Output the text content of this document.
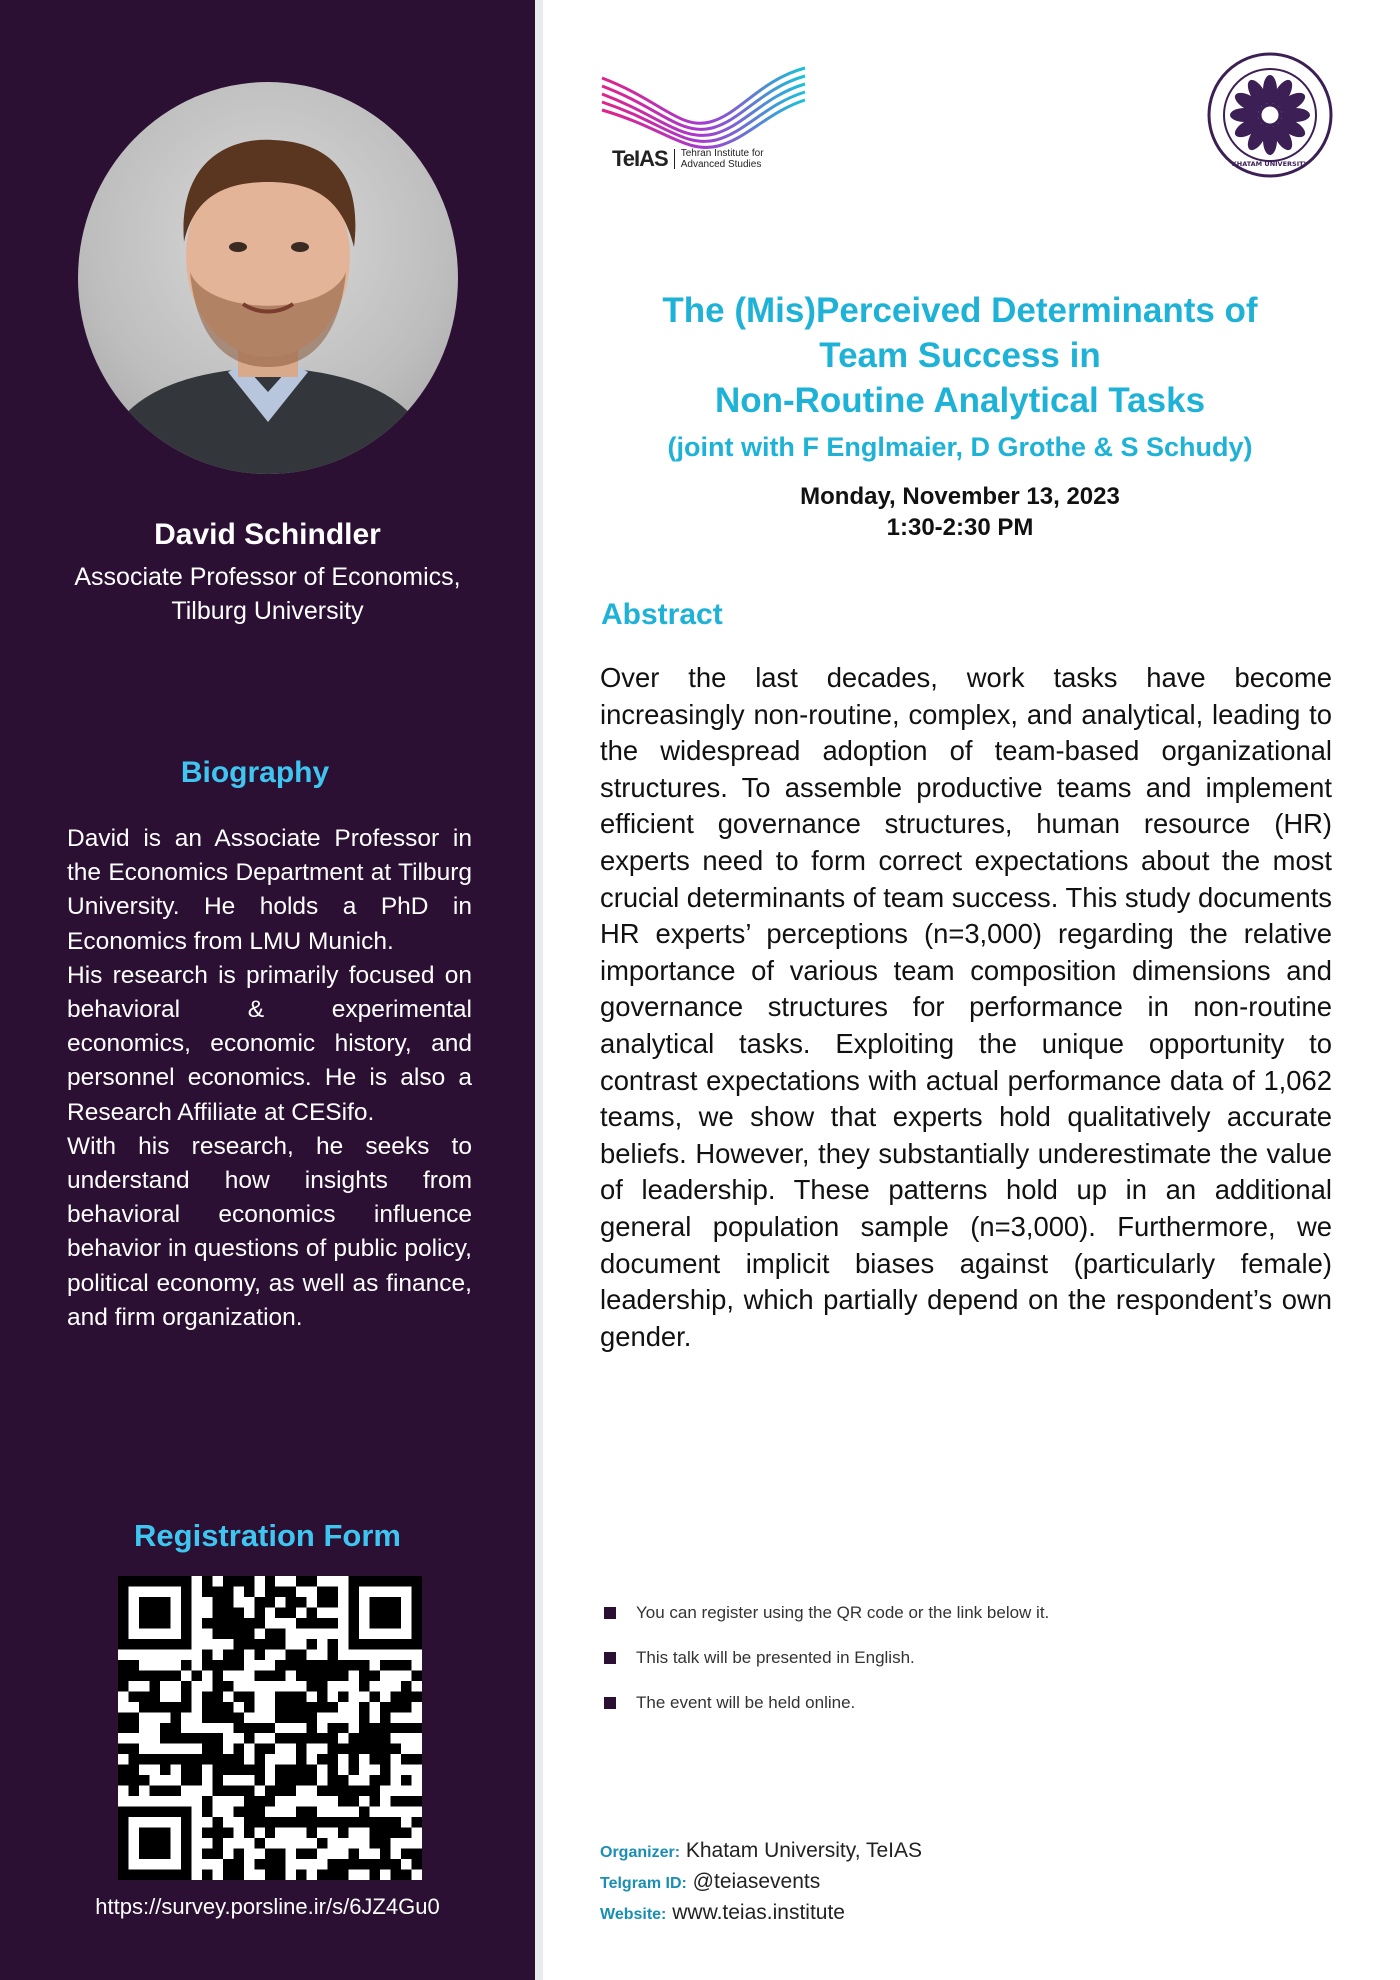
David Schindler
Associate Professor of Economics,
Tilburg University
Biography

David is an Associate Professor in the Economics Department at Tilburg University. He holds a PhD in Economics from LMU Munich.

His research is primarily focused on behavioral & experimental economics, economic history, and personnel economics. He is also a Research Affiliate at CESifo.

With his research, he seeks to understand how insights from behavioral economics influence behavior in questions of public policy, political economy, as well as finance, and firm organization.

Registration Form
https://survey.porsline.ir/s/6JZ4Gu0
TeIAS Tehran Institute for
Advanced Studies	KHATAM UNIVERSITY
The (Mis)Perceived Determinants of
Team Success in
Non-Routine Analytical Tasks
(joint with F Englmaier, D Grothe & S Schudy)
Monday, November 13, 2023
1:30-2:30 PM
Abstract
Over the last decades, work tasks have become increasingly non-routine, complex, and analytical, leading to the widespread adoption of team-based organizational structures. To assemble productive teams and implement efficient governance structures, human resource (HR) experts need to form correct expectations about the most crucial determinants of team success. This study documents HR experts’ perceptions (n=3,000) regarding the relative importance of various team composition dimensions and governance structures for performance in non-routine analytical tasks. Exploiting the unique opportunity to contrast expectations with actual performance data of 1,062 teams, we show that experts hold qualitatively accurate beliefs. However, they substantially underestimate the value of leadership. These patterns hold up in an additional general population sample (n=3,000). Furthermore, we document implicit biases against (particularly female) leadership, which partially depend on the respondent’s own gender.
You can register using the QR code or the link below it.
This talk will be presented in English.
The event will be held online.
Organizer: Khatam University, TeIAS
Telgram ID: @teiasevents
Website: www.teias.institute
